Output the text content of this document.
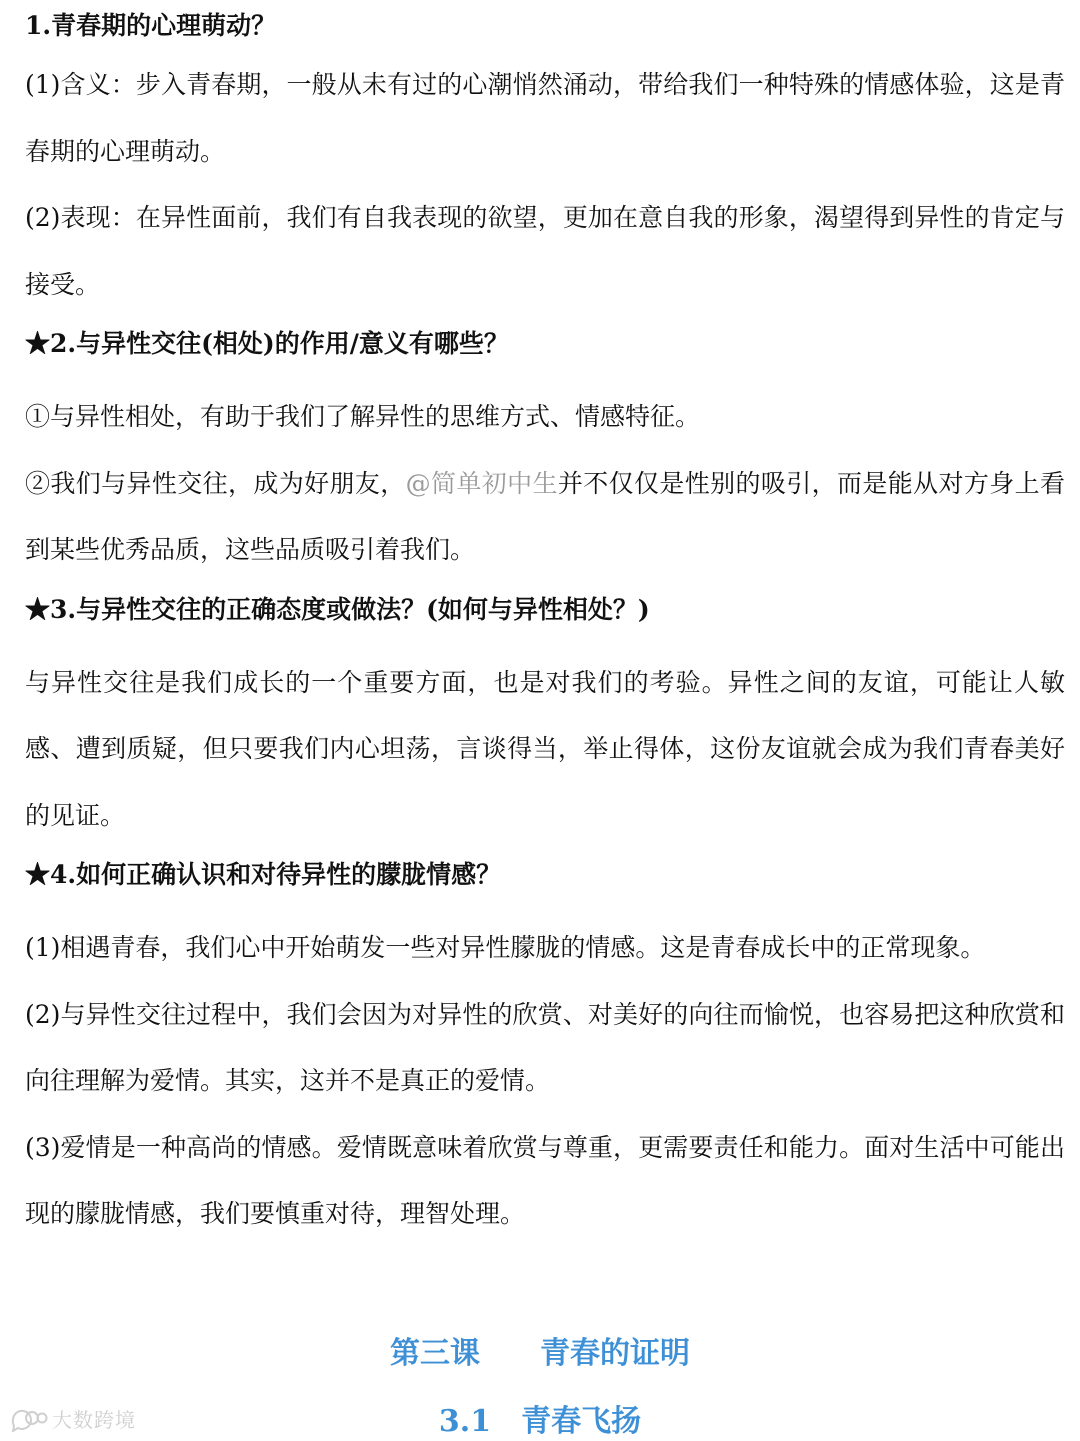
1.青春期的心理萌动？
(1)含义：步入青春期，一般从未有过的心潮悄然涌动，带给我们一种特殊的情感体验，这是青春期的心理萌动。
(2)表现：在异性面前，我们有自我表现的欲望，更加在意自我的形象，渴望得到异性的肯定与接受。
★2.与异性交往(相处)的作用/意义有哪些？
①与异性相处，有助于我们了解异性的思维方式、情感特征。
②我们与异性交往，成为好朋友，@简单初中生并不仅仅是性别的吸引，而是能从对方身上看到某些优秀品质，这些品质吸引着我们。
★3.与异性交往的正确态度或做法？(如何与异性相处？)
与异性交往是我们成长的一个重要方面，也是对我们的考验。异性之间的友谊，可能让人敏感、遭到质疑，但只要我们内心坦荡，言谈得当，举止得体，这份友谊就会成为我们青春美好的见证。
★4.如何正确认识和对待异性的朦胧情感？
(1)相遇青春，我们心中开始萌发一些对异性朦胧的情感。这是青春成长中的正常现象。
(2)与异性交往过程中，我们会因为对异性的欣赏、对美好的向往而愉悦，也容易把这种欣赏和向往理解为爱情。其实，这并不是真正的爱情。
(3)爱情是一种高尚的情感。爱情既意味着欣赏与尊重，更需要责任和能力。面对生活中可能出现的朦胧情感，我们要慎重对待，理智处理。
第三课　　青春的证明
3.1　青春飞扬
大数跨境
